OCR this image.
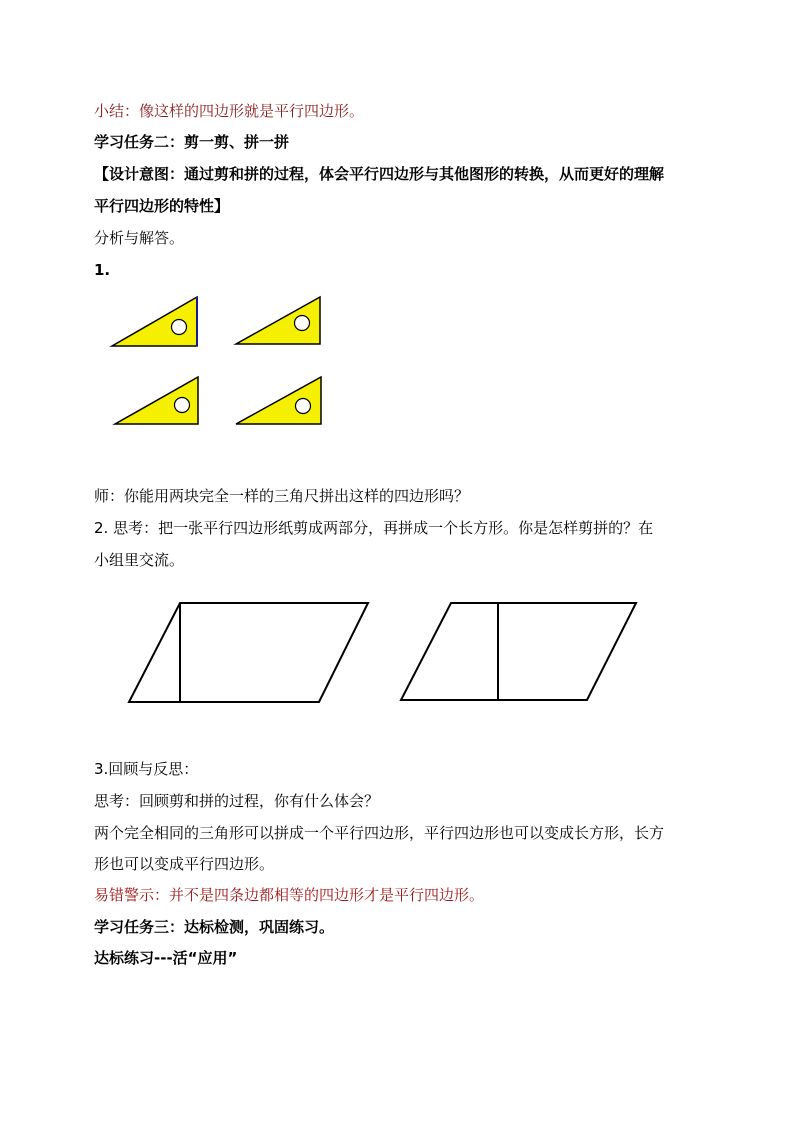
小结：像这样的四边形就是平行四边形。
学习任务二：剪一剪、拼一拼
【设计意图：通过剪和拼的过程，体会平行四边形与其他图形的转换，从而更好的理解
平行四边形的特性】
分析与解答。
1.
师：你能用两块完全一样的三角尺拼出这样的四边形吗？
2. 思考：把一张平行四边形纸剪成两部分，再拼成一个长方形。你是怎样剪拼的？在
小组里交流。
3.回顾与反思：
思考：回顾剪和拼的过程，你有什么体会？
两个完全相同的三角形可以拼成一个平行四边形，平行四边形也可以变成长方形，长方
形也可以变成平行四边形。
易错警示：并不是四条边都相等的四边形才是平行四边形。
学习任务三：达标检测，巩固练习。
达标练习---活“应用”
